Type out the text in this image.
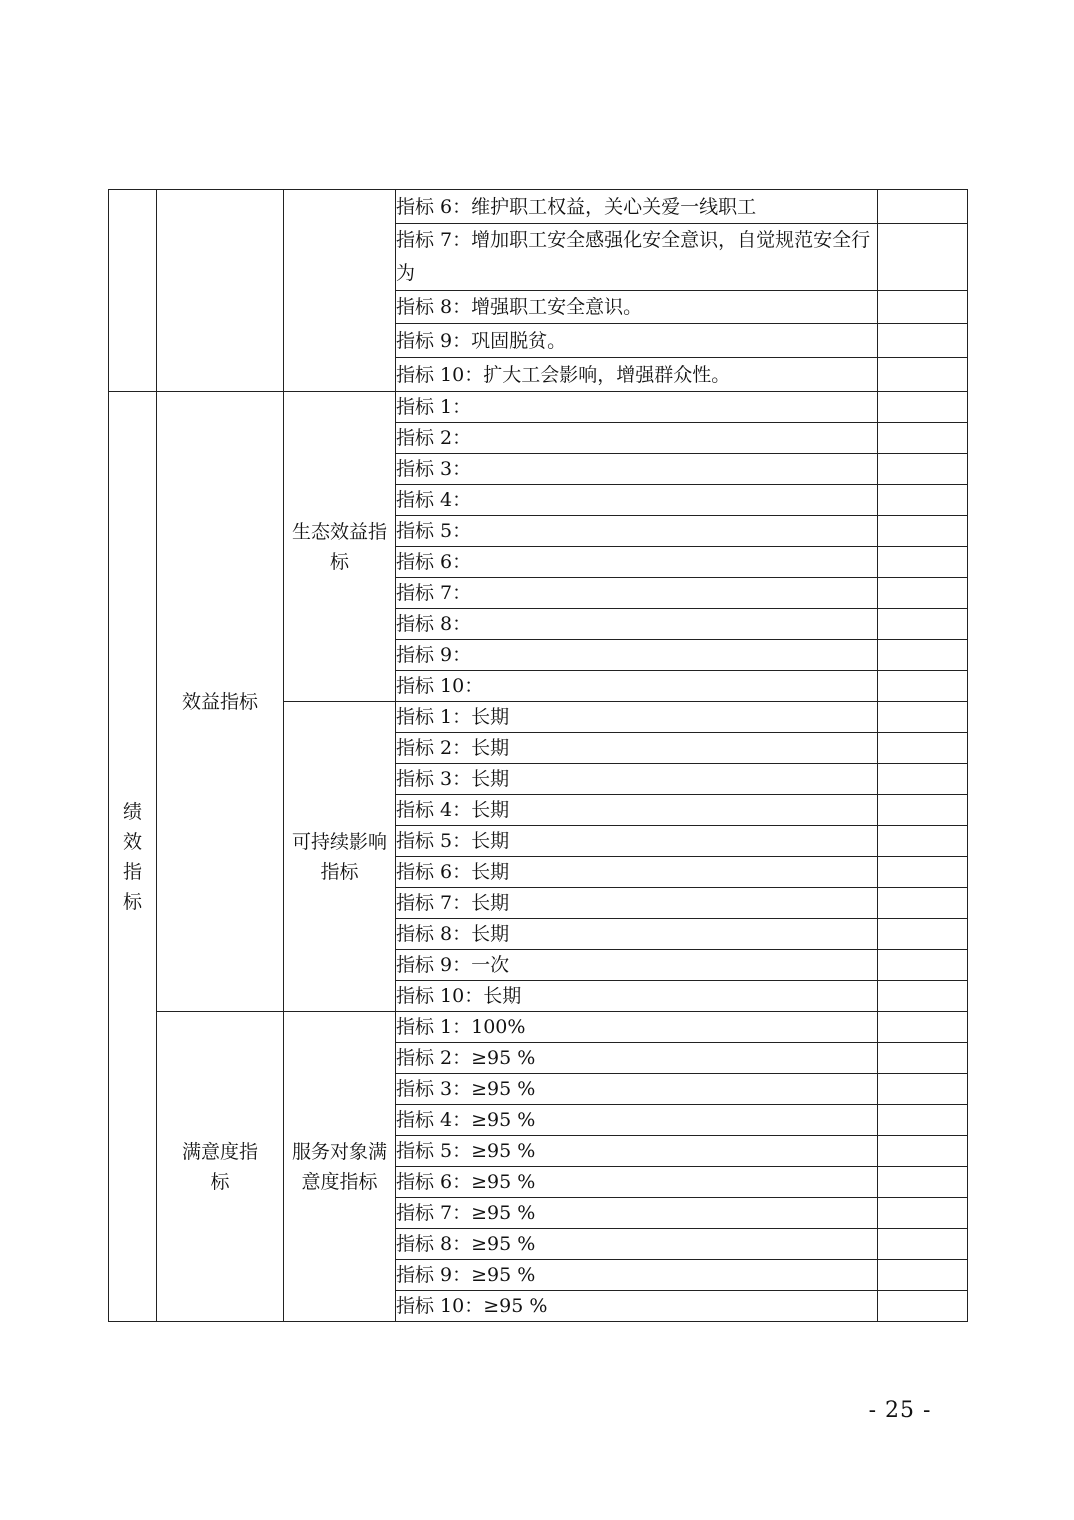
			指标 6：维护职工权益，关心关爱一线职工	
			指标 7：增加职工安全感强化安全意识，自觉规范安全行为	
			指标 8：增强职工安全意识。	
			指标 9：巩固脱贫。	
			指标 10：扩大工会影响，增强群众性。	

绩
效
指
标	效益指标	生态效益指标	指标 1：	
			指标 2：	
			指标 3：	
			指标 4：	
			指标 5：	
			指标 6：	
			指标 7：	
			指标 8：	
			指标 9：	
			指标 10：	
		可持续影响指标	指标 1：长期	
			指标 2：长期	
			指标 3：长期	
			指标 4：长期	
			指标 5：长期	
			指标 6：长期	
			指标 7：长期	
			指标 8：长期	
			指标 9：一次	
			指标 10：长期	
	满意度指标	服务对象满意度指标	指标 1：100%	
			指标 2：≥95 %	
			指标 3：≥95 %	
			指标 4：≥95 %	
			指标 5：≥95 %	
			指标 6：≥95 %	
			指标 7：≥95 %	
			指标 8：≥95 %	
			指标 9：≥95 %	
			指标 10：≥95 %	
- 25 -
